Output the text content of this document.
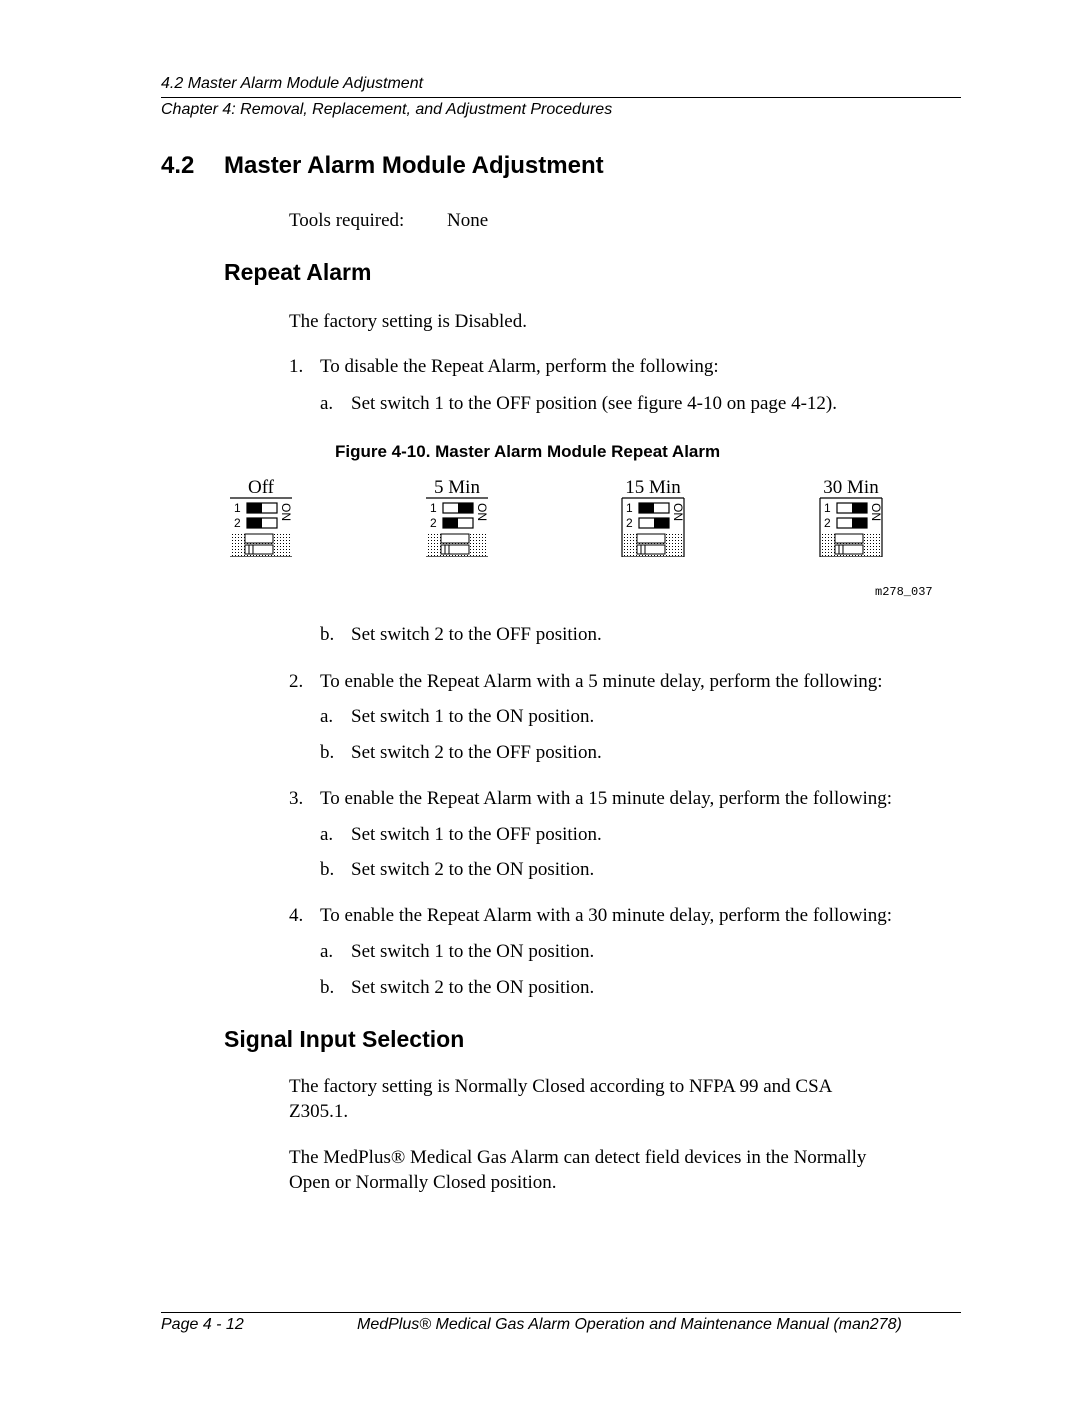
4.2 Master Alarm Module Adjustment
Chapter 4: Removal, Replacement, and Adjustment Procedures
4.2 Master Alarm Module Adjustment
Tools required: None
Repeat Alarm
The factory setting is Disabled.
1. To disable the Repeat Alarm, perform the following:
a. Set switch 1 to the OFF position (see figure 4-10 on page 4-12).
Figure 4-10. Master Alarm Module Repeat Alarm
Off
1
2
ON
5 Min
1
2
ON
15 Min
1
2
ON
30 Min
1
2
ON
m278_037
b. Set switch 2 to the OFF position.
2. To enable the Repeat Alarm with a 5 minute delay, perform the following:
a. Set switch 1 to the ON position.
b. Set switch 2 to the OFF position.
3. To enable the Repeat Alarm with a 15 minute delay, perform the following:
a. Set switch 1 to the OFF position.
b. Set switch 2 to the ON position.
4. To enable the Repeat Alarm with a 30 minute delay, perform the following:
a. Set switch 1 to the ON position.
b. Set switch 2 to the ON position.
Signal Input Selection
The factory setting is Normally Closed according to NFPA 99 and CSA
Z305.1.
The MedPlus® Medical Gas Alarm can detect field devices in the Normally
Open or Normally Closed position.
Page 4 - 12	MedPlus® Medical Gas Alarm Operation and Maintenance Manual (man278)
